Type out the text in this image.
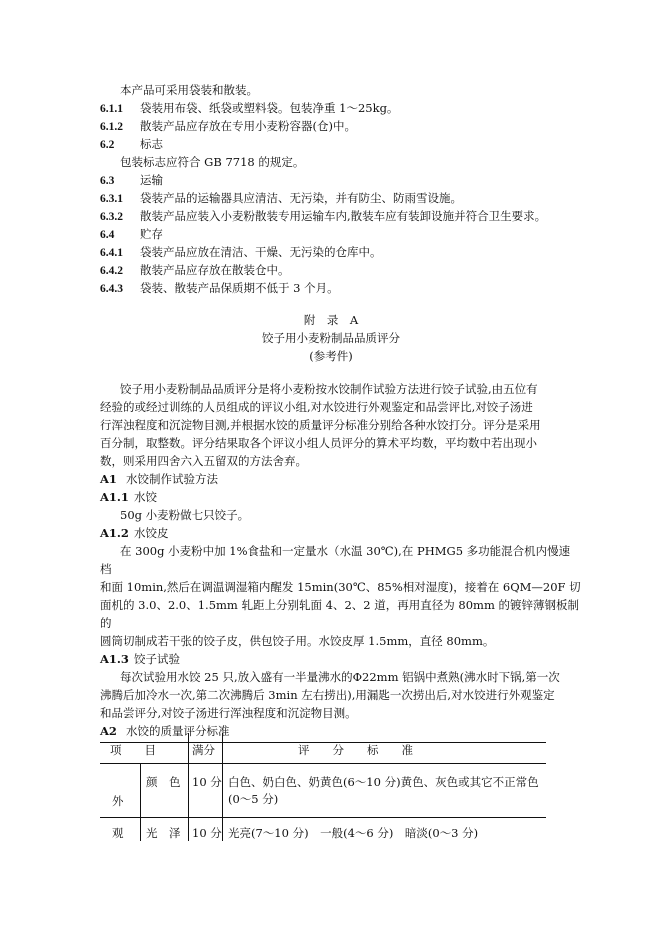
本产品可采用袋装和散装。
6.1.1 袋装用布袋、纸袋或塑料袋。包装净重 1～25kg。
6.1.2 散装产品应存放在专用小麦粉容器(仓)中。
6.2 标志
包装标志应符合 GB 7718 的规定。
6.3 运输
6.3.1 袋装产品的运输器具应清洁、无污染，并有防尘、防雨雪设施。
6.3.2 散装产品应装入小麦粉散装专用运输车内,散装车应有装卸设施并符合卫生要求。
6.4 贮存
6.4.1 袋装产品应放在清洁、干燥、无污染的仓库中。
6.4.2 散装产品应存放在散装仓中。
6.4.3 袋装、散装产品保质期不低于 3 个月。
附　录　A
饺子用小麦粉制品品质评分
(参考件)
饺子用小麦粉制品品质评分是将小麦粉按水饺制作试验方法进行饺子试验,由五位有
经验的或经过训练的人员组成的评议小组,对水饺进行外观鉴定和品尝评比,对饺子汤进
行浑浊程度和沉淀物目测,并根据水饺的质量评分标准分别给各种水饺打分。评分是采用
百分制，取整数。评分结果取各个评议小组人员评分的算术平均数，平均数中若出现小
数，则采用四舍六入五留双的方法舍弃。
A1 水饺制作试验方法
A1.1 水饺
50g 小麦粉做七只饺子。
A1.2 水饺皮
在 300g 小麦粉中加 1%食盐和一定量水（水温 30℃),在 PHMG5 多功能混合机内慢速
档
和面 10min,然后在调温调湿箱内醒发 15min(30℃、85%相对湿度)，接着在 6QM—20F 切
面机的 3.0、2.0、1.5mm 轧距上分别轧面 4、2、2 道，再用直径为 80mm 的镀锌薄钢板制
的
圆筒切制成若干张的饺子皮，供包饺子用。水饺皮厚 1.5mm，直径 80mm。
A1.3 饺子试验
每次试验用水饺 25 只,放入盛有一半量沸水的Φ22mm 铝锅中煮熟(沸水时下锅,第一次
沸腾后加冷水一次,第二次沸腾后 3min 左右捞出),用漏匙一次捞出后,对水饺进行外观鉴定
和品尝评分,对饺子汤进行浑浊程度和沉淀物目测。
A2 水饺的质量评分标准
项　　目	满分	评　　分　　标　　准
外
观
颜　色 10 分 白色、奶白色、奶黄色(6～10 分)黄色、灰色或其它不正常色
(0～5 分)
光　泽 10 分 光亮(7～10 分)　一般(4～6 分)　暗淡(0～3 分)
